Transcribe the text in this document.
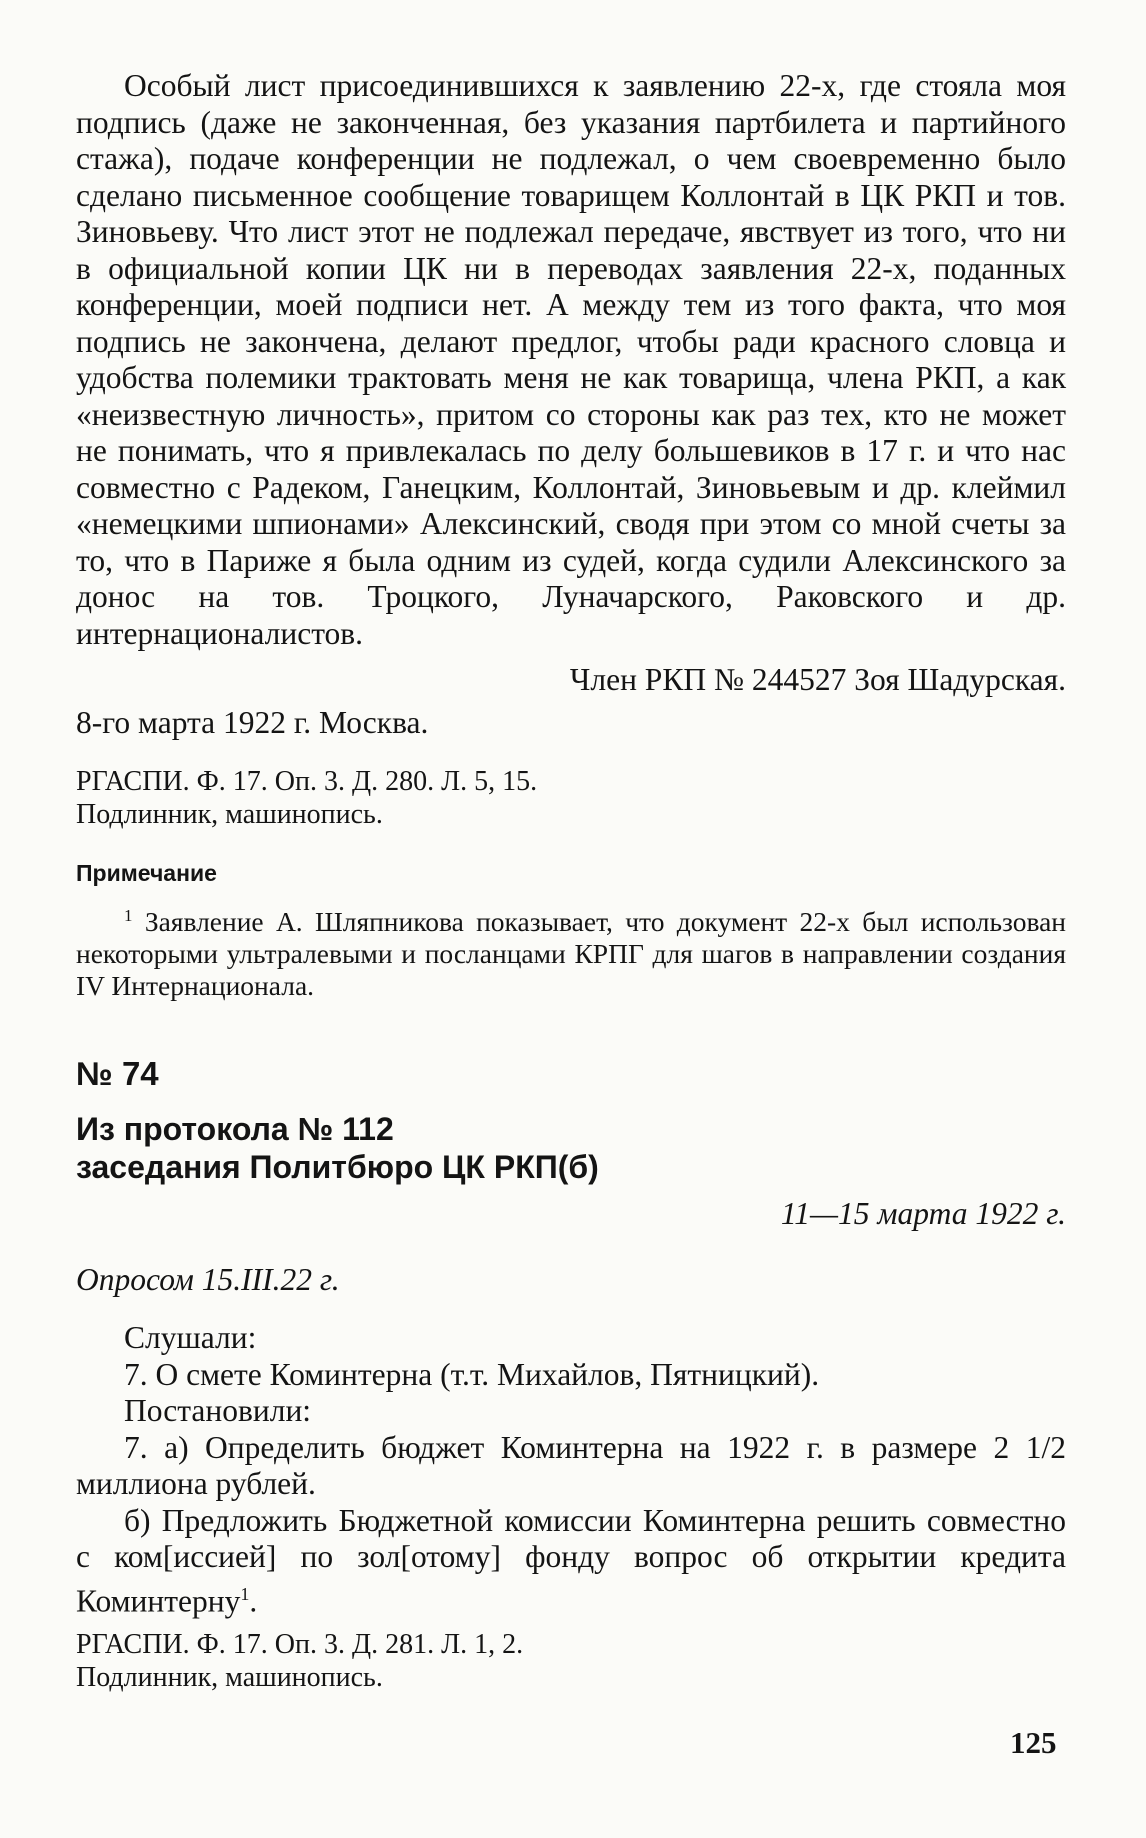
Особый лист присоединившихся к заявлению 22-х, где стояла моя подпись (даже не законченная, без указания партбилета и партийного стажа), подаче конференции не подлежал, о чем своевременно было сделано письменное сообщение товарищем Коллонтай в ЦК РКП и тов. Зиновьеву. Что лист этот не подлежал передаче, явствует из того, что ни в официальной копии ЦК ни в переводах заявления 22-х, поданных конференции, моей подписи нет. А между тем из того факта, что моя подпись не закончена, делают предлог, чтобы ради красного словца и удобства полемики трактовать меня не как товарища, члена РКП, а как «неизвестную личность», притом со стороны как раз тех, кто не может не понимать, что я привлекалась по делу большевиков в 17 г. и что нас совместно с Радеком, Ганецким, Коллонтай, Зиновьевым и др. клеймил «немецкими шпионами» Алексинский, сводя при этом со мной счеты за то, что в Париже я была одним из судей, когда судили Алексинского за донос на тов. Троцкого, Луначарского, Раковского и др. интернационалистов.

Член РКП № 244527 Зоя Шадурская.
8-го марта 1922 г. Москва.
РГАСПИ. Ф. 17. Оп. 3. Д. 280. Л. 5, 15.
Подлинник, машинопись.
Примечание

$^1$ Заявление А. Шляпникова показывает, что документ 22-х был использован некоторыми ультралевыми и посланцами КРПГ для шагов в направлении создания IV Интернационала.

№ 74
Из протокола № 112
заседания Политбюро ЦК РКП(б)
11—15 марта 1922 г.
Опросом 15.III.22 г.

Слушали:

7. О смете Коминтерна (т.т. Михайлов, Пятницкий).

Постановили:

7. а) Определить бюджет Коминтерна на 1922 г. в размере 2 1/2 миллиона рублей.

б) Предложить Бюджетной комиссии Коминтерна решить совместно с ком[иссией] по зол[отому] фонду вопрос об открытии кредита Коминтерну$^1$.

РГАСПИ. Ф. 17. Оп. 3. Д. 281. Л. 1, 2.
Подлинник, машинопись.
125
